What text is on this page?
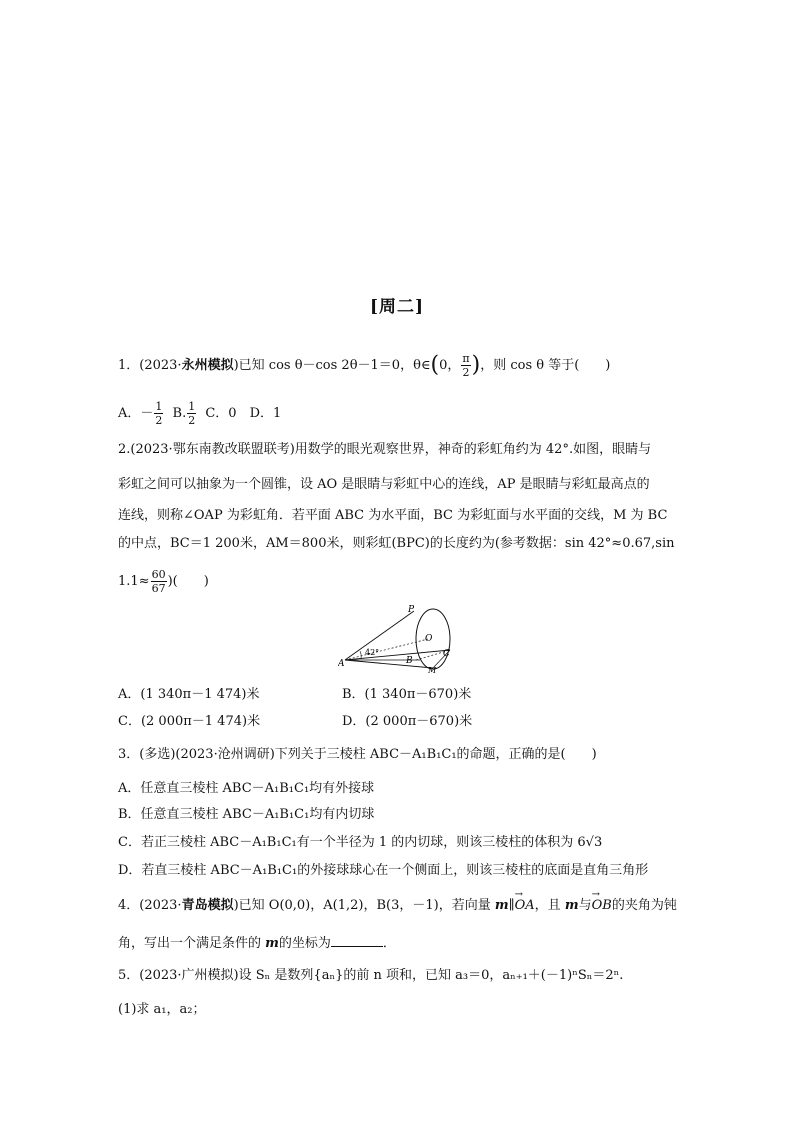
[周二]
1．(2023·永州模拟)已知 cos θ－cos 2θ－1＝0，θ∈(0， $\frac{\pi}{2}$ )，则 cos θ 等于(　　)
A．－ $\frac{1}{2} B$. $\frac{1}{2}$ C．0　D．1
2.(2023·鄂东南教改联盟联考)用数学的眼光观察世界，神奇的彩虹角约为 42°.如图，眼睛与
彩虹之间可以抽象为一个圆锥，设 AO 是眼睛与彩虹中心的连线，AP 是眼睛与彩虹最高点的
连线，则称∠OAP 为彩虹角．若平面 ABC 为水平面，BC 为彩虹面与水平面的交线，M 为 BC
的中点，BC＝1 200米，AM＝800米，则彩虹(BPC)的长度约为(参考数据：sin 42°≈0.67,sin
$1.1\approx \frac{60}{67}$ )(　　)
P
O
A	B
C
M
42°
A．(1 340π－1 474)米	B．(1 340π－670)米
C．(2 000π－1 474)米	D．(2 000π－670)米
3．(多选)(2023·沧州调研)下列关于三棱柱 ABC－A₁B₁C₁的命题，正确的是(　　)
A．任意直三棱柱 ABC－A₁B₁C₁均有外接球
B．任意直三棱柱 ABC－A₁B₁C₁均有内切球
C．若正三棱柱 ABC－A₁B₁C₁有一个半径为 1 的内切球，则该三棱柱的体积为 6√3
D．若直三棱柱 ABC－A₁B₁C₁的外接球球心在一个侧面上，则该三棱柱的底面是直角三角形
4．(2023·青岛模拟)已知 O(0,0)，A(1,2)，B(3，－1)，若向量 m∥→ OA，且 m与→ OB的夹角为钝
角，写出一个满足条件的 m的坐标为	．
5．(2023·广州模拟)设 Sₙ 是数列{aₙ}的前 n 项和，已知 a₃＝0，aₙ₊₁＋(－1)ⁿSₙ＝2ⁿ.
(1)求 a₁，a₂；
